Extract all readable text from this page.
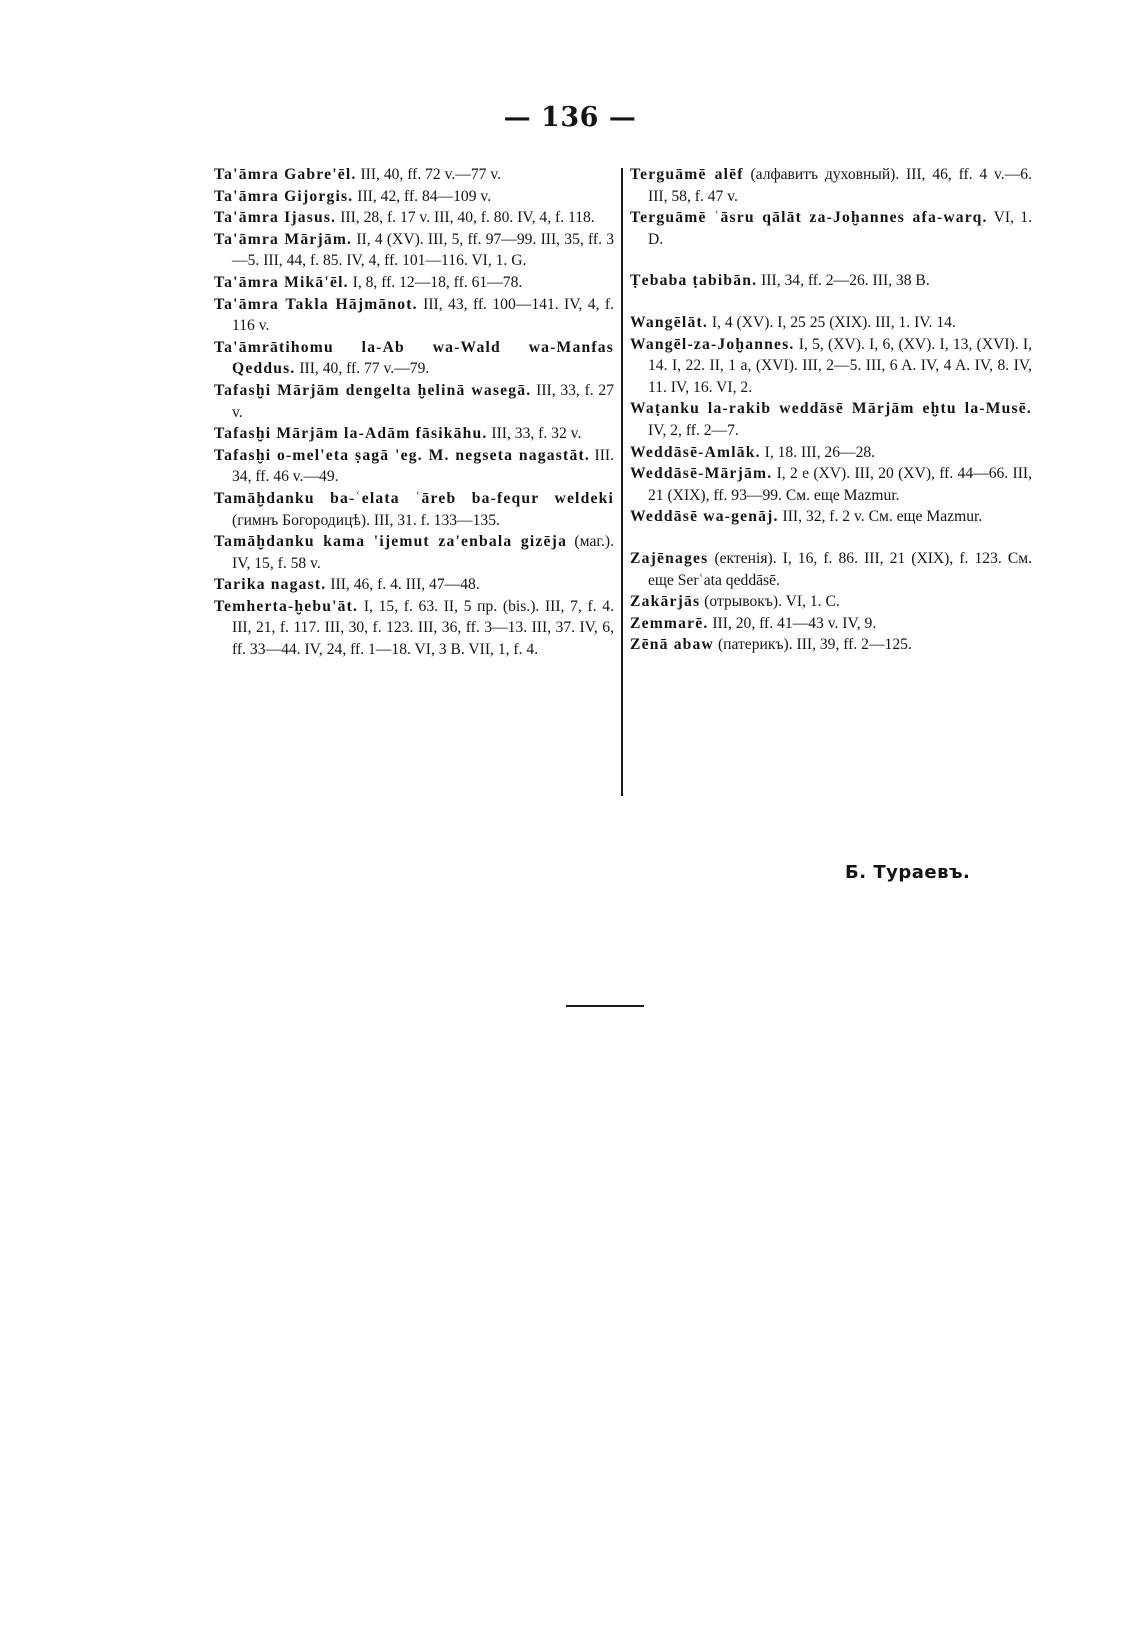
— 136 —

Ta'āmra Gabre'ēl. III, 40, ff. 72 v.—77 v.

Ta'āmra Gijorgis. III, 42, ff. 84—109 v.

Ta'āmra Ijasus. III, 28, f. 17 v. III, 40, f. 80. IV, 4, f. 118.

Ta'āmra Mārjām. II, 4 (XV). III, 5, ff. 97—99. III, 35, ff. 3—5. III, 44, f. 85. IV, 4, ff. 101—116. VI, 1. G.

Ta'āmra Mikā'ēl. I, 8, ff. 12—18, ff. 61—78.

Ta'āmra Takla Hājmānot. III, 43, ff. 100—141. IV, 4, f. 116 v.

Ta'āmrātihomu la-Ab wa-Wald wa-Manfas Qeddus. III, 40, ff. 77 v.—79.

Tafasḫi Mārjām dengelta ḫelinā wasegā. III, 33, f. 27 v.

Tafasḫi Mārjām la-Adām fāsikāhu. III, 33, f. 32 v.

Tafasḫi o-mel'eta ṣagā 'eg. M. negseta nagastāt. III. 34, ff. 46 v.—49.

Tamāḫdanku ba-ʿelata ʿāreb ba-fequr weldeki (гимнъ Богородицѣ). III, 31. f. 133—135.

Tamāḫdanku kama 'ijemut za'enbala gizēja (мaг.). IV, 15, f. 58 v.

Tarika nagast. III, 46, f. 4. III, 47—48.

Temherta-ḫebu'āt. I, 15, f. 63. II, 5 пр. (bis.). III, 7, f. 4. III, 21, f. 117. III, 30, f. 123. III, 36, ff. 3—13. III, 37. IV, 6, ff. 33—44. IV, 24, ff. 1—18. VI, 3 B. VII, 1, f. 4.

Terguāmē alēf (алфавитъ духовный). III, 46, ff. 4 v.—6. III, 58, f. 47 v.

Terguāmē ʿāsru qālāt za-Joḫannes afa-warq. VI, 1. D.

Ṭebaba ṭabibān. III, 34, ff. 2—26. III, 38 B.

Wangēlāt. I, 4 (XV). I, 25 25 (XIX). III, 1. IV. 14.

Wangēl-za-Joḫannes. I, 5, (XV). I, 6, (XV). I, 13, (XVI). I, 14. I, 22. II, 1 a, (XVI). III, 2—5. III, 6 A. IV, 4 A. IV, 8. IV, 11. IV, 16. VI, 2.

Waṭanku la-rakib weddāsē Mārjām eḫtu la-Musē. IV, 2, ff. 2—7.

Weddāsē-Amlāk. I, 18. III, 26—28.

Weddāsē-Mārjām. I, 2 e (XV). III, 20 (XV), ff. 44—66. III, 21 (XIX), ff. 93—99. См. еще Mazmur.

Weddāsē wa-genāj. III, 32, f. 2 v. См. еще Mazmur.

Zajēnages (ектенія). I, 16, f. 86. III, 21 (XIX), f. 123. См. еще Serʿata qeddāsē.

Zakārjās (отрывокъ). VI, 1. C.

Zemmarē. III, 20, ff. 41—43 v. IV, 9.

Zēnā abaw (патерикъ). III, 39, ff. 2—125.

Б. Тураевъ.
